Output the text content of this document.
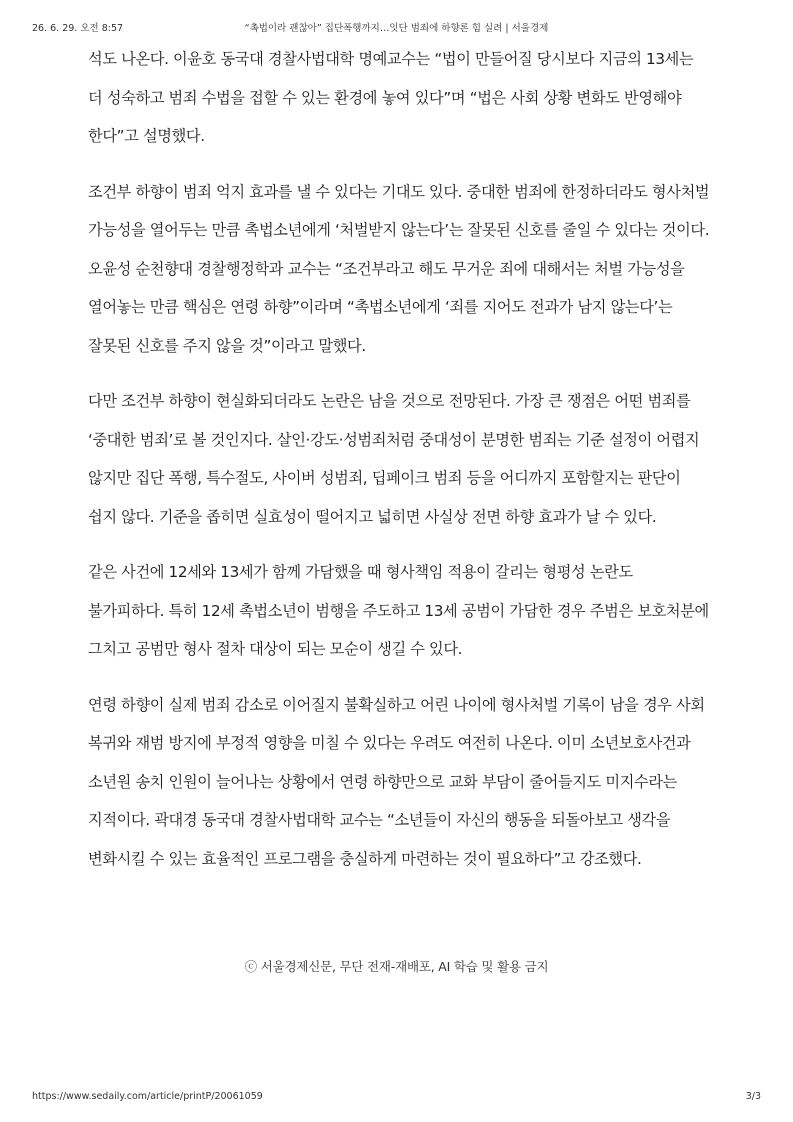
26. 6. 29. 오전 8:57	“촉법이라 괜찮아” 집단폭행까지…잇단 범죄에 하향론 힘 실려 | 서울경제

석도 나온다. 이윤호 동국대 경찰사법대학 명예교수는 “법이 만들어질 당시보다 지금의 13세는 더 성숙하고 범죄 수법을 접할 수 있는 환경에 놓여 있다”며 “법은 사회 상황 변화도 반영해야 한다”고 설명했다.

조건부 하향이 범죄 억지 효과를 낼 수 있다는 기대도 있다. 중대한 범죄에 한정하더라도 형사처벌 가능성을 열어두는 만큼 촉법소년에게 ‘처벌받지 않는다’는 잘못된 신호를 줄일 수 있다는 것이다. 오윤성 순천향대 경찰행정학과 교수는 “조건부라고 해도 무거운 죄에 대해서는 처벌 가능성을 열어놓는 만큼 핵심은 연령 하향”이라며 “촉법소년에게 ‘죄를 지어도 전과가 남지 않는다’는 잘못된 신호를 주지 않을 것”이라고 말했다.

다만 조건부 하향이 현실화되더라도 논란은 남을 것으로 전망된다. 가장 큰 쟁점은 어떤 범죄를 ‘중대한 범죄’로 볼 것인지다. 살인·강도·성범죄처럼 중대성이 분명한 범죄는 기준 설정이 어렵지 않지만 집단 폭행, 특수절도, 사이버 성범죄, 딥페이크 범죄 등을 어디까지 포함할지는 판단이 쉽지 않다. 기준을 좁히면 실효성이 떨어지고 넓히면 사실상 전면 하향 효과가 날 수 있다.

같은 사건에 12세와 13세가 함께 가담했을 때 형사책임 적용이 갈리는 형평성 논란도 불가피하다. 특히 12세 촉법소년이 범행을 주도하고 13세 공범이 가담한 경우 주범은 보호처분에 그치고 공범만 형사 절차 대상이 되는 모순이 생길 수 있다.

연령 하향이 실제 범죄 감소로 이어질지 불확실하고 어린 나이에 형사처벌 기록이 남을 경우 사회 복귀와 재범 방지에 부정적 영향을 미칠 수 있다는 우려도 여전히 나온다. 이미 소년보호사건과 소년원 송치 인원이 늘어나는 상황에서 연령 하향만으로 교화 부담이 줄어들지도 미지수라는 지적이다. 곽대경 동국대 경찰사법대학 교수는 “소년들이 자신의 행동을 되돌아보고 생각을 변화시킬 수 있는 효율적인 프로그램을 충실하게 마련하는 것이 필요하다”고 강조했다.

ⓒ 서울경제신문, 무단 전재-재배포, AI 학습 및 활용 금지
https://www.sedaily.com/article/printP/20061059	3/3
